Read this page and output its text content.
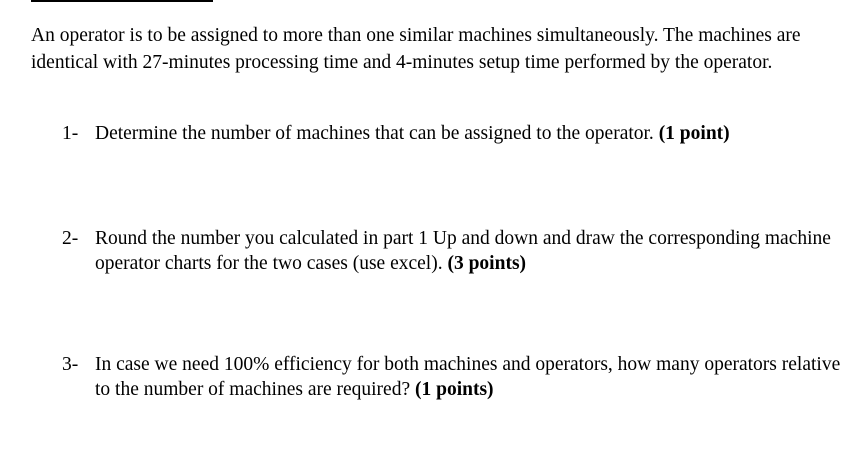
An operator is to be assigned to more than one similar machines simultaneously. The machines are identical with 27-minutes processing time and 4-minutes setup time performed by the operator.

1- Determine the number of machines that can be assigned to the operator. (1 point)
2- Round the number you calculated in part 1 Up and down and draw the corresponding machine operator charts for the two cases (use excel). (3 points)
3- In case we need 100% efficiency for both machines and operators, how many operators relative to the number of machines are required? (1 points)
